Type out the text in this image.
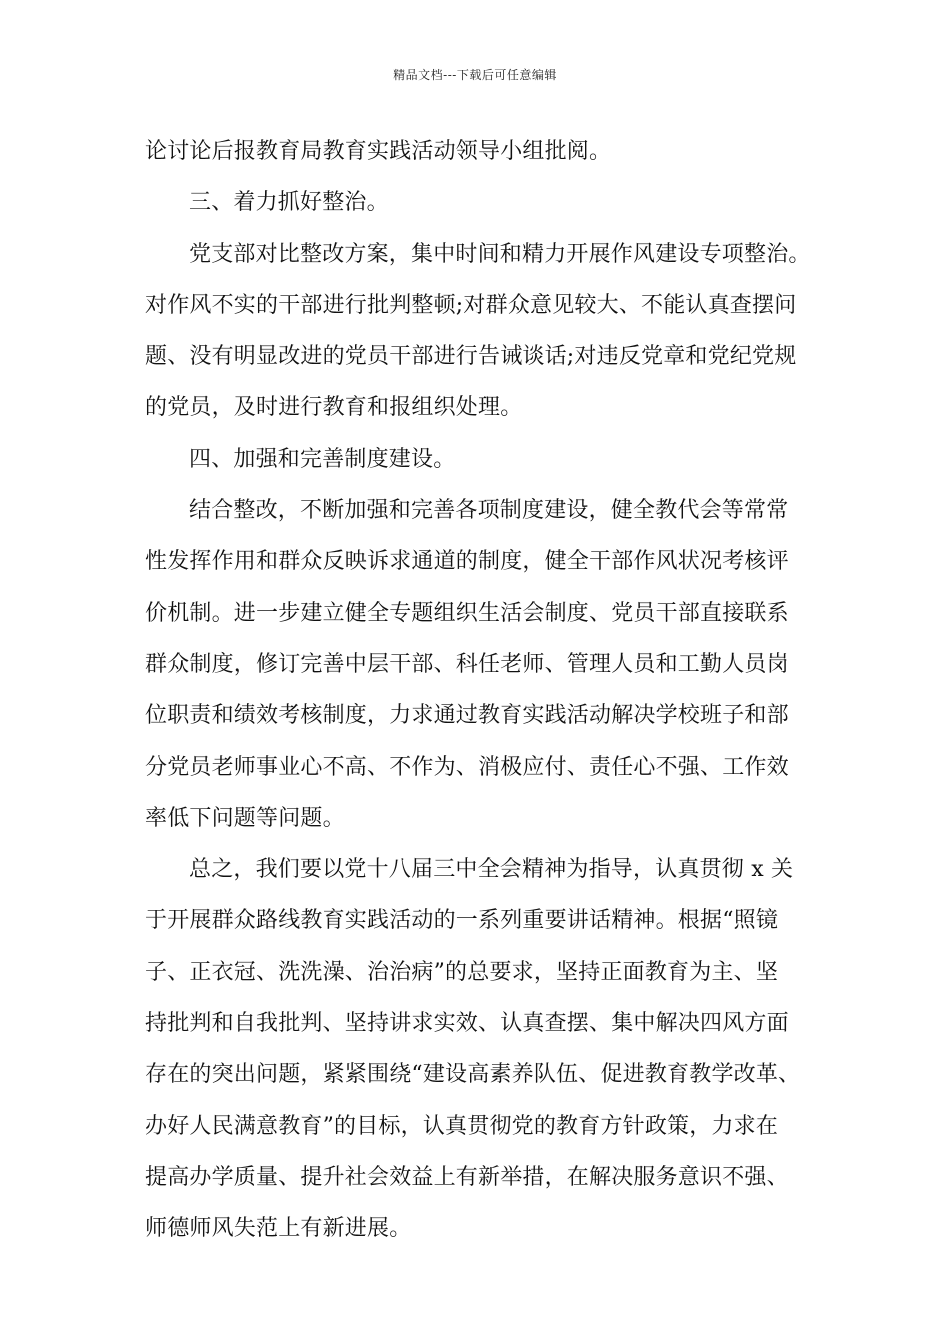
精品文档---下载后可任意编辑
论讨论后报教育局教育实践活动领导小组批阅。
三、着力抓好整治。
党支部对比整改方案，集中时间和精力开展作风建设专项整治。
对作风不实的干部进行批判整顿;对群众意见较大、不能认真查摆问
题、没有明显改进的党员干部进行告诫谈话;对违反党章和党纪党规
的党员，及时进行教育和报组织处理。
四、加强和完善制度建设。
结合整改，不断加强和完善各项制度建设，健全教代会等常常
性发挥作用和群众反映诉求通道的制度，健全干部作风状况考核评
价机制。进一步建立健全专题组织生活会制度、党员干部直接联系
群众制度，修订完善中层干部、科任老师、管理人员和工勤人员岗
位职责和绩效考核制度，力求通过教育实践活动解决学校班子和部
分党员老师事业心不高、不作为、消极应付、责任心不强、工作效
率低下问题等问题。
总之，我们要以党十八届三中全会精神为指导，认真贯彻 x 关
于开展群众路线教育实践活动的一系列重要讲话精神。根据“照镜
子、正衣冠、洗洗澡、治治病”的总要求，坚持正面教育为主、坚
持批判和自我批判、坚持讲求实效、认真查摆、集中解决四风方面
存在的突出问题，紧紧围绕“建设高素养队伍、促进教育教学改革、
办好人民满意教育”的目标，认真贯彻党的教育方针政策，力求在
提高办学质量、提升社会效益上有新举措，在解决服务意识不强、
师德师风失范上有新进展。
